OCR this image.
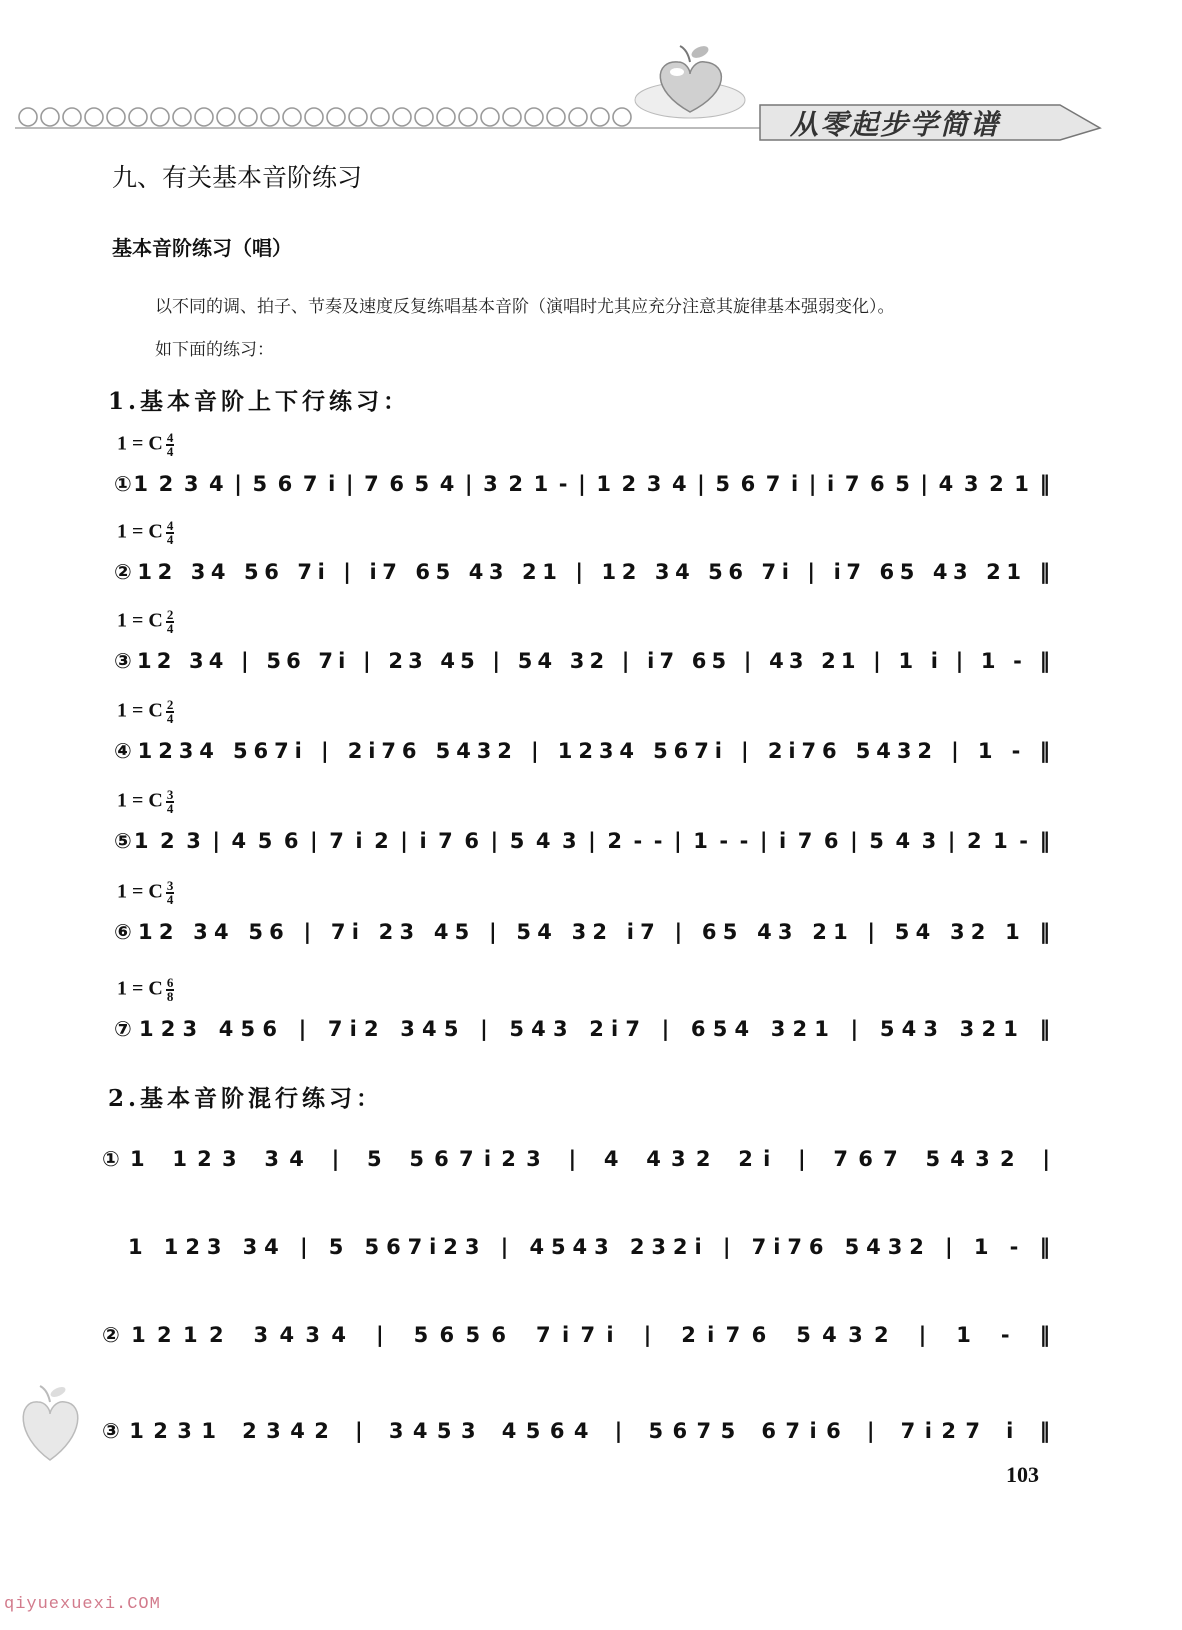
从零起步学简谱
九、有关基本音阶练习
基本音阶练习（唱）
以不同的调、拍子、节奏及速度反复练唱基本音阶（演唱时尤其应充分注意其旋律基本强弱变化）。
如下面的练习：
1.基本音阶上下行练习：
1 = C $\frac{4}{4}$
1 = C $\frac{4}{4}$
1 = C $\frac{2}{4}$
1 = C $\frac{2}{4}$
1 = C $\frac{3}{4}$
1 = C $\frac{3}{4}$
1 = C $\frac{6}{8}$
①1 2 3 4 | 5 6 7 i | 7 6 5 4 | 3 2 1 - | 1 2 3 4 | 5 6 7 i | i 7 6 5 | 4 3 2 1 ‖
②12 34 56 7i | i7 65 43 21 | 12 34 56 7i | i7 65 43 21 ‖
③12 34 | 56 7i | 23 45 | 54 32 | i7 65 | 43 21 | 1 i | 1 - ‖
④1234 567i | 2i76 5432 | 1234 567i | 2i76 5432 | 1 - ‖
⑤1 2 3 | 4 5 6 | 7 i 2 | i 7 6 | 5 4 3 | 2 - - | 1 - - | i 7 6 | 5 4 3 | 2 1 - ‖
⑥12 34 56 | 7i 23 45 | 54 32 i7 | 65 43 21 | 54 32 1 ‖
⑦123 456 | 7i2 345 | 543 2i7 | 654 321 | 543 321 ‖
2.基本音阶混行练习：
①1 123 34 | 5 567i23 | 4 432 2i | 767 5432 |
1 123 34 | 5 567i23 | 4543 232i | 7i76 5432 | 1 - ‖
②1212 3434 | 5656 7i7i | 2i76 5432 | 1 - ‖
③1231 2342 | 3453 4564 | 5675 67i6 | 7i27 i ‖
103
qiyuexuexi.COM
